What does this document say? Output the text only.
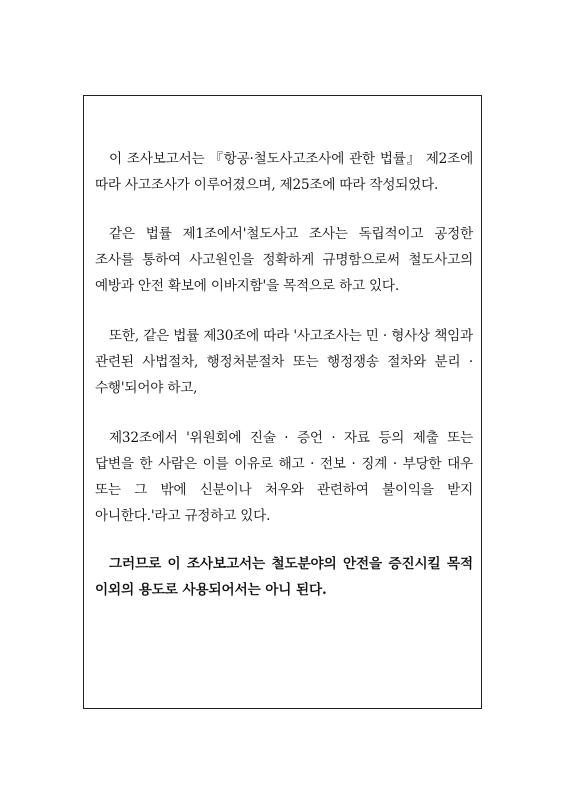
이 조사보고서는 『항공·철도사고조사에 관한 법률』 제2조에 따라 사고조사가 이루어졌으며, 제25조에 따라 작성되었다.

같은 법률 제1조에서'철도사고 조사는 독립적이고 공정한 조사를 통하여 사고원인을 정확하게 규명함으로써 철도사고의 예방과 안전 확보에 이바지함'을 목적으로 하고 있다.

또한, 같은 법률 제30조에 따라 '사고조사는 민 · 형사상 책임과 관련된 사법절차, 행정처분절차 또는 행정쟁송 절차와 분리 · 수행'되어야 하고,

제32조에서 '위원회에 진술 · 증언 · 자료 등의 제출 또는 답변을 한 사람은 이를 이유로 해고 · 전보 · 징계 · 부당한 대우 또는 그 밖에 신분이나 처우와 관련하여 불이익을 받지 아니한다.'라고 규정하고 있다.

그러므로 이 조사보고서는 철도분야의 안전을 증진시킬 목적 이외의 용도로 사용되어서는 아니 된다.
